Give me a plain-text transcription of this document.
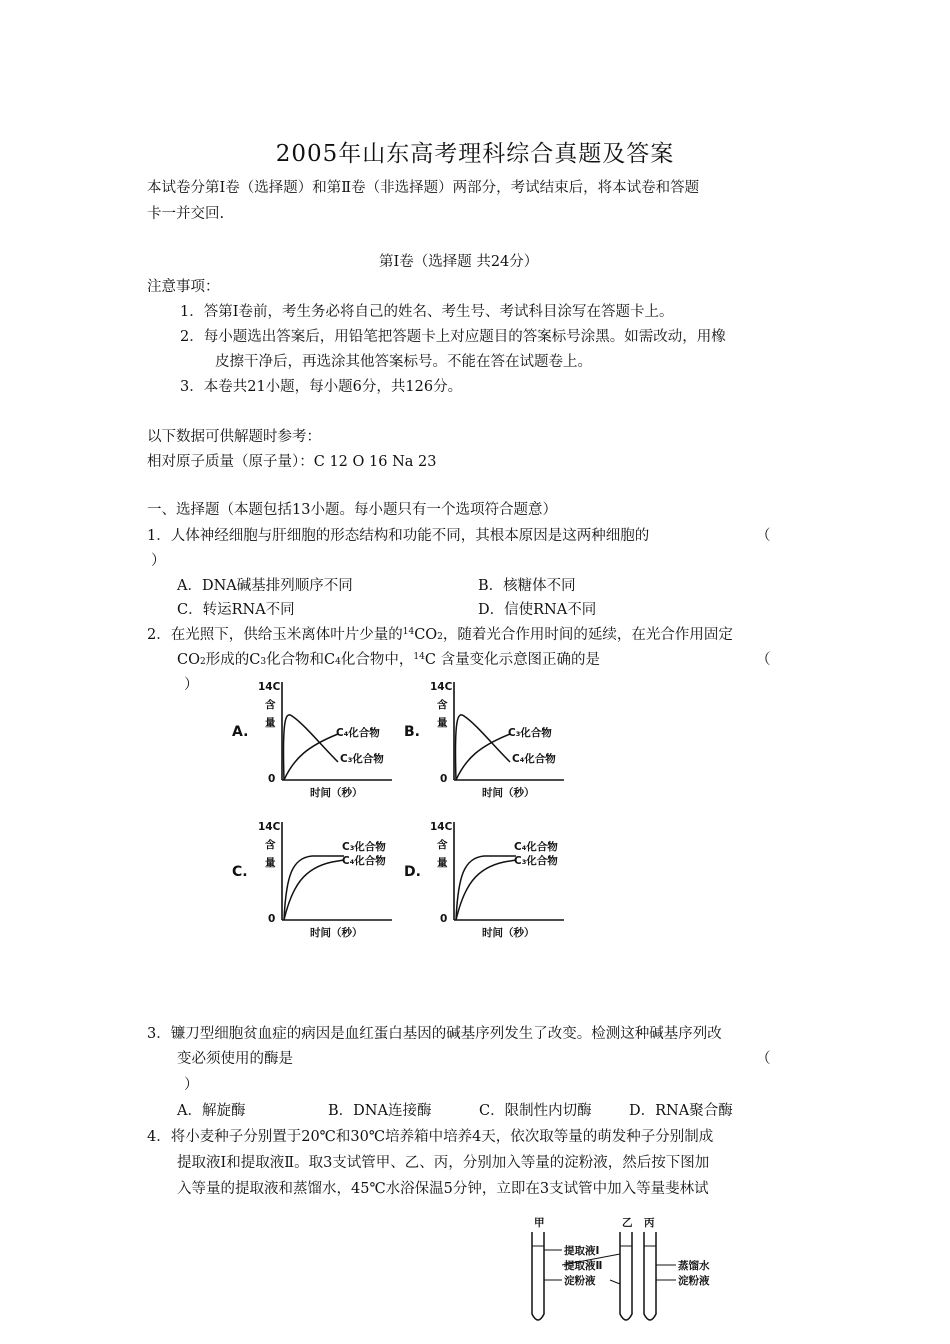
2005年山东高考理科综合真题及答案
本试卷分第Ⅰ卷（选择题）和第Ⅱ卷（非选择题）两部分，考试结束后，将本试卷和答题
卡一并交回.
第Ⅰ卷（选择题 共24分）
注意事项：
1．答第Ⅰ卷前，考生务必将自己的姓名、考生号、考试科目涂写在答题卡上。
2．每小题选出答案后，用铅笔把答题卡上对应题目的答案标号涂黑。如需改动，用橡
皮擦干净后，再选涂其他答案标号。不能在答在试题卷上。
3．本卷共21小题，每小题6分，共126分。
以下数据可供解题时参考：
相对原子质量（原子量）：C 12 O 16 Na 23
一、选择题（本题包括13小题。每小题只有一个选项符合题意）
1．人体神经细胞与肝细胞的形态结构和功能不同，其根本原因是这两种细胞的	（
）
A．DNA碱基排列顺序不同	B．核糖体不同
C．转运RNA不同	D．信使RNA不同
2．在光照下，供给玉米离体叶片少量的$^{14}CO_2$，随着光合作用时间的延续，在光合作用固定
$CO_2$形成的$C_3$化合物和$C_4$化合物中，$^{14}$C 含量变化示意图正确的是	（
）
A.
14C
含
量
0
时间（秒）
C₄化合物
C₃化合物
B.
14C
含
量
0
时间（秒）
C₃化合物
C₄化合物
C.
14C
含
量
0
时间（秒）
C₃化合物
C₄化合物
D.
14C
含
量
0
时间（秒）
C₄化合物
C₃化合物
3．镰刀型细胞贫血症的病因是血红蛋白基因的碱基序列发生了改变。检测这种碱基序列改
变必须使用的酶是	（
）
A．解旋酶	B．DNA连接酶	C．限制性内切酶	D．RNA聚合酶
4．将小麦种子分别置于20℃和30℃培养箱中培养4天，依次取等量的萌发种子分别制成
提取液Ⅰ和提取液Ⅱ。取3支试管甲、乙、丙，分别加入等量的淀粉液，然后按下图加
入等量的提取液和蒸馏水，45℃水浴保温5分钟，立即在3支试管中加入等量斐林试
甲	乙 丙
提取液Ⅰ
提取液Ⅱ
淀粉液
蒸馏水
淀粉液
